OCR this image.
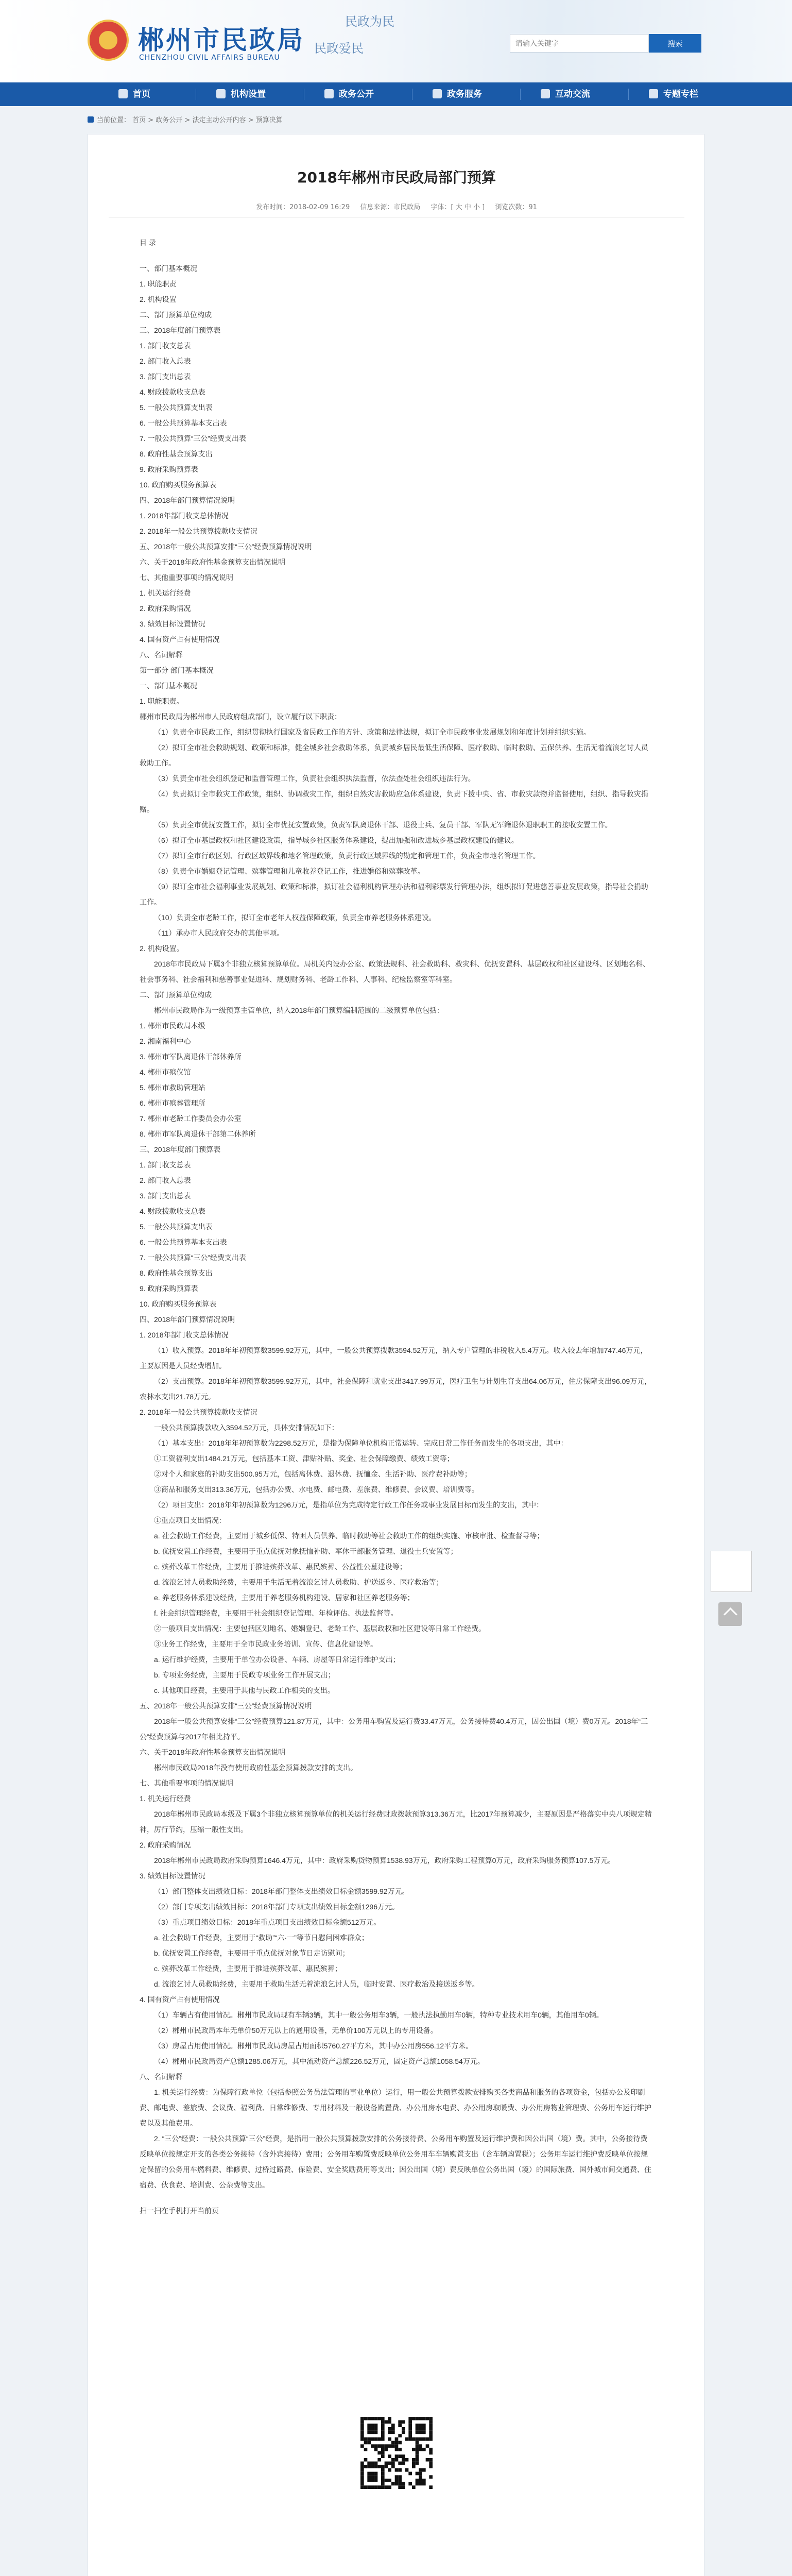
郴州市民政局
CHENZHOU CIVIL AFFAIRS BUREAU
民政为民
民政爱民
请输入关键字	搜索
首页	机构设置	政务公开	政务服务	互动交流	专题专栏
当前位置： 首页 > 政务公开 > 法定主动公开内容 > 预算决算
2018年郴州市民政局部门预算
发布时间：2018-02-09 16:29 信息来源：市民政局 字体：[ 大 中 小 ] 浏览次数：91

目 录

一、部门基本概况

1. 职能职责

2. 机构设置

二、部门预算单位构成

三、2018年度部门预算表

1. 部门收支总表

2. 部门收入总表

3. 部门支出总表

4. 财政拨款收支总表

5. 一般公共预算支出表

6. 一般公共预算基本支出表

7. 一般公共预算“三公”经费支出表

8. 政府性基金预算支出

9. 政府采购预算表

10. 政府购买服务预算表

四、2018年部门预算情况说明

1. 2018年部门收支总体情况

2. 2018年一般公共预算拨款收支情况

五、2018年一般公共预算安排“三公”经费预算情况说明

六、关于2018年政府性基金预算支出情况说明

七、其他重要事项的情况说明

1. 机关运行经费

2. 政府采购情况

3. 绩效目标设置情况

4. 国有资产占有使用情况

八、名词解释

第一部分 部门基本概况

一、部门基本概况

1. 职能职责。

郴州市民政局为郴州市人民政府组成部门，设立履行以下职责：

（1）负责全市民政工作，组织贯彻执行国家及省民政工作的方针、政策和法律法规，拟订全市民政事业发展规划和年度计划并组织实施。

（2）拟订全市社会救助规划、政策和标准，健全城乡社会救助体系，负责城乡居民最低生活保障、医疗救助、临时救助、五保供养、生活无着流浪乞讨人员救助工作。

（3）负责全市社会组织登记和监督管理工作，负责社会组织执法监督，依法查处社会组织违法行为。

（4）负责拟订全市救灾工作政策，组织、协调救灾工作，组织自然灾害救助应急体系建设，负责下拨中央、省、市救灾款物并监督使用，组织、指导救灾捐赠。

（5）负责全市优抚安置工作，拟订全市优抚安置政策，负责军队离退休干部、退役士兵、复员干部、军队无军籍退休退职职工的接收安置工作。

（6）拟订全市基层政权和社区建设政策，指导城乡社区服务体系建设，提出加强和改进城乡基层政权建设的建议。

（7）拟订全市行政区划、行政区域界线和地名管理政策，负责行政区域界线的勘定和管理工作，负责全市地名管理工作。

（8）负责全市婚姻登记管理、殡葬管理和儿童收养登记工作，推进婚俗和殡葬改革。

（9）拟订全市社会福利事业发展规划、政策和标准，拟订社会福利机构管理办法和福利彩票发行管理办法，组织拟订促进慈善事业发展政策，指导社会捐助工作。

（10）负责全市老龄工作，拟订全市老年人权益保障政策，负责全市养老服务体系建设。

（11）承办市人民政府交办的其他事项。

2. 机构设置。

2018年市民政局下属3个非独立核算预算单位。局机关内设办公室、政策法规科、社会救助科、救灾科、优抚安置科、基层政权和社区建设科、区划地名科、社会事务科、社会福利和慈善事业促进科、规划财务科、老龄工作科、人事科、纪检监察室等科室。

二、部门预算单位构成

郴州市民政局作为一级预算主管单位，纳入2018年部门预算编制范围的二级预算单位包括：

1. 郴州市民政局本级

2. 湘南福利中心

3. 郴州市军队离退休干部休养所

4. 郴州市殡仪馆

5. 郴州市救助管理站

6. 郴州市殡葬管理所

7. 郴州市老龄工作委员会办公室

8. 郴州市军队离退休干部第二休养所

三、2018年度部门预算表

1. 部门收支总表

2. 部门收入总表

3. 部门支出总表

4. 财政拨款收支总表

5. 一般公共预算支出表

6. 一般公共预算基本支出表

7. 一般公共预算“三公”经费支出表

8. 政府性基金预算支出

9. 政府采购预算表

10. 政府购买服务预算表

四、2018年部门预算情况说明

1. 2018年部门收支总体情况

（1）收入预算。2018年年初预算数3599.92万元，其中，一般公共预算拨款3594.52万元，纳入专户管理的非税收入5.4万元。收入较去年增加747.46万元，主要原因是人员经费增加。

（2）支出预算。2018年年初预算数3599.92万元，其中，社会保障和就业支出3417.99万元，医疗卫生与计划生育支出64.06万元，住房保障支出96.09万元，农林水支出21.78万元。

2. 2018年一般公共预算拨款收支情况

一般公共预算拨款收入3594.52万元，具体安排情况如下：

（1）基本支出：2018年年初预算数为2298.52万元，是指为保障单位机构正常运转、完成日常工作任务而发生的各项支出，其中：

①工资福利支出1484.21万元，包括基本工资、津贴补贴、奖金、社会保障缴费、绩效工资等；

②对个人和家庭的补助支出500.95万元，包括离休费、退休费、抚恤金、生活补助、医疗费补助等；

③商品和服务支出313.36万元，包括办公费、水电费、邮电费、差旅费、维修费、会议费、培训费等。

（2）项目支出：2018年年初预算数为1296万元，是指单位为完成特定行政工作任务或事业发展目标而发生的支出，其中：

①重点项目支出情况：

a. 社会救助工作经费，主要用于城乡低保、特困人员供养、临时救助等社会救助工作的组织实施、审核审批、检查督导等；

b. 优抚安置工作经费，主要用于重点优抚对象抚恤补助、军休干部服务管理、退役士兵安置等；

c. 殡葬改革工作经费，主要用于推进殡葬改革、惠民殡葬、公益性公墓建设等；

d. 流浪乞讨人员救助经费，主要用于生活无着流浪乞讨人员救助、护送返乡、医疗救治等；

e. 养老服务体系建设经费，主要用于养老服务机构建设、居家和社区养老服务等；

f. 社会组织管理经费，主要用于社会组织登记管理、年检评估、执法监督等。

②一般项目支出情况：主要包括区划地名、婚姻登记、老龄工作、基层政权和社区建设等日常工作经费。

③业务工作经费，主要用于全市民政业务培训、宣传、信息化建设等。

a. 运行维护经费，主要用于单位办公设备、车辆、房屋等日常运行维护支出；

b. 专项业务经费，主要用于民政专项业务工作开展支出；

c. 其他项目经费，主要用于其他与民政工作相关的支出。

五、2018年一般公共预算安排“三公”经费预算情况说明

2018年一般公共预算安排“三公”经费预算121.87万元，其中：公务用车购置及运行费33.47万元，公务接待费40.4万元，因公出国（境）费0万元。2018年“三公”经费预算与2017年相比持平。

六、关于2018年政府性基金预算支出情况说明

郴州市民政局2018年没有使用政府性基金预算拨款安排的支出。

七、其他重要事项的情况说明

1. 机关运行经费

2018年郴州市民政局本级及下属3个非独立核算预算单位的机关运行经费财政拨款预算313.36万元，比2017年预算减少，主要原因是严格落实中央八项规定精神，厉行节约，压缩一般性支出。

2. 政府采购情况

2018年郴州市民政局政府采购预算1646.4万元，其中：政府采购货物预算1538.93万元，政府采购工程预算0万元，政府采购服务预算107.5万元。

3. 绩效目标设置情况

（1）部门整体支出绩效目标：2018年部门整体支出绩效目标金额3599.92万元。

（2）部门专项支出绩效目标：2018年部门专项支出绩效目标金额1296万元。

（3）重点项目绩效目标：2018年重点项目支出绩效目标金额512万元。

a. 社会救助工作经费，主要用于“救助”“六·一”等节日慰问困难群众；

b. 优抚安置工作经费，主要用于重点优抚对象节日走访慰问；

c. 殡葬改革工作经费，主要用于推进殡葬改革、惠民殡葬；

d. 流浪乞讨人员救助经费，主要用于救助生活无着流浪乞讨人员，临时安置、医疗救治及接送返乡等。

4. 国有资产占有使用情况

（1）车辆占有使用情况。郴州市民政局现有车辆3辆，其中一般公务用车3辆，一般执法执勤用车0辆，特种专业技术用车0辆，其他用车0辆。

（2）郴州市民政局本年无单价50万元以上的通用设备，无单价100万元以上的专用设备。

（3）房屋占用使用情况。郴州市民政局房屋占用面积5760.27平方米，其中办公用房556.12平方米。

（4）郴州市民政局资产总额1285.06万元，其中流动资产总额226.52万元，固定资产总额1058.54万元。

八、名词解释

1. 机关运行经费：为保障行政单位（包括参照公务员法管理的事业单位）运行，用一般公共预算拨款安排购买各类商品和服务的各项资金，包括办公及印刷费、邮电费、差旅费、会议费、福利费、日常维修费、专用材料及一般设备购置费、办公用房水电费、办公用房取暖费、办公用房物业管理费、公务用车运行维护费以及其他费用。

2. “三公”经费：一般公共预算“三公”经费，是指用一般公共预算拨款安排的公务接待费、公务用车购置及运行维护费和因公出国（境）费。其中，公务接待费反映单位按规定开支的各类公务接待（含外宾接待）费用；公务用车购置费反映单位公务用车车辆购置支出（含车辆购置税）；公务用车运行维护费反映单位按规定保留的公务用车燃料费、维修费、过桥过路费、保险费、安全奖励费用等支出；因公出国（境）费反映单位公务出国（境）的国际旅费、国外城市间交通费、住宿费、伙食费、培训费、公杂费等支出。

扫一扫在手机打开当前页
